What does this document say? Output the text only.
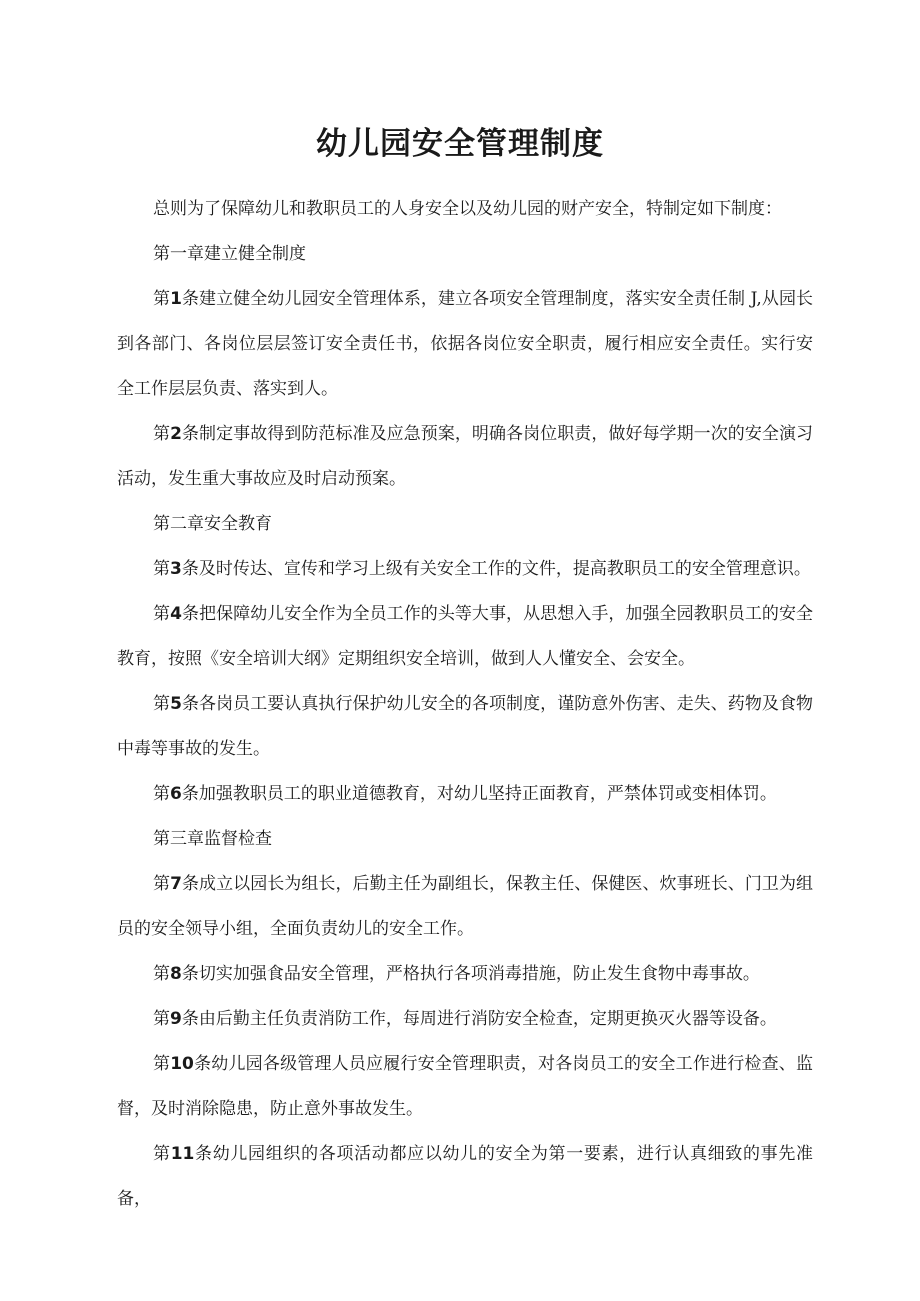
幼儿园安全管理制度

总则为了保障幼儿和教职员工的人身安全以及幼儿园的财产安全，特制定如下制度：

第一章建立健全制度

第1条建立健全幼儿园安全管理体系，建立各项安全管理制度，落实安全责任制 J,从园长到各部门、各岗位层层签订安全责任书，依据各岗位安全职责，履行相应安全责任。实行安全工作层层负责、落实到人。

第2条制定事故得到防范标准及应急预案，明确各岗位职责，做好每学期一次的安全演习活动，发生重大事故应及时启动预案。

第二章安全教育

第3条及时传达、宣传和学习上级有关安全工作的文件，提高教职员工的安全管理意识。

第4条把保障幼儿安全作为全员工作的头等大事，从思想入手，加强全园教职员工的安全教育，按照《安全培训大纲》定期组织安全培训，做到人人懂安全、会安全。

第5条各岗员工要认真执行保护幼儿安全的各项制度，谨防意外伤害、走失、药物及食物中毒等事故的发生。

第6条加强教职员工的职业道德教育，对幼儿坚持正面教育，严禁体罚或变相体罚。

第三章监督检查

第7条成立以园长为组长，后勤主任为副组长，保教主任、保健医、炊事班长、门卫为组员的安全领导小组，全面负责幼儿的安全工作。

第8条切实加强食品安全管理，严格执行各项消毒措施，防止发生食物中毒事故。

第9条由后勤主任负责消防工作，每周进行消防安全检查，定期更换灭火器等设备。

第10条幼儿园各级管理人员应履行安全管理职责，对各岗员工的安全工作进行检查、监督，及时消除隐患，防止意外事故发生。

第11条幼儿园组织的各项活动都应以幼儿的安全为第一要素，进行认真细致的事先准备，
